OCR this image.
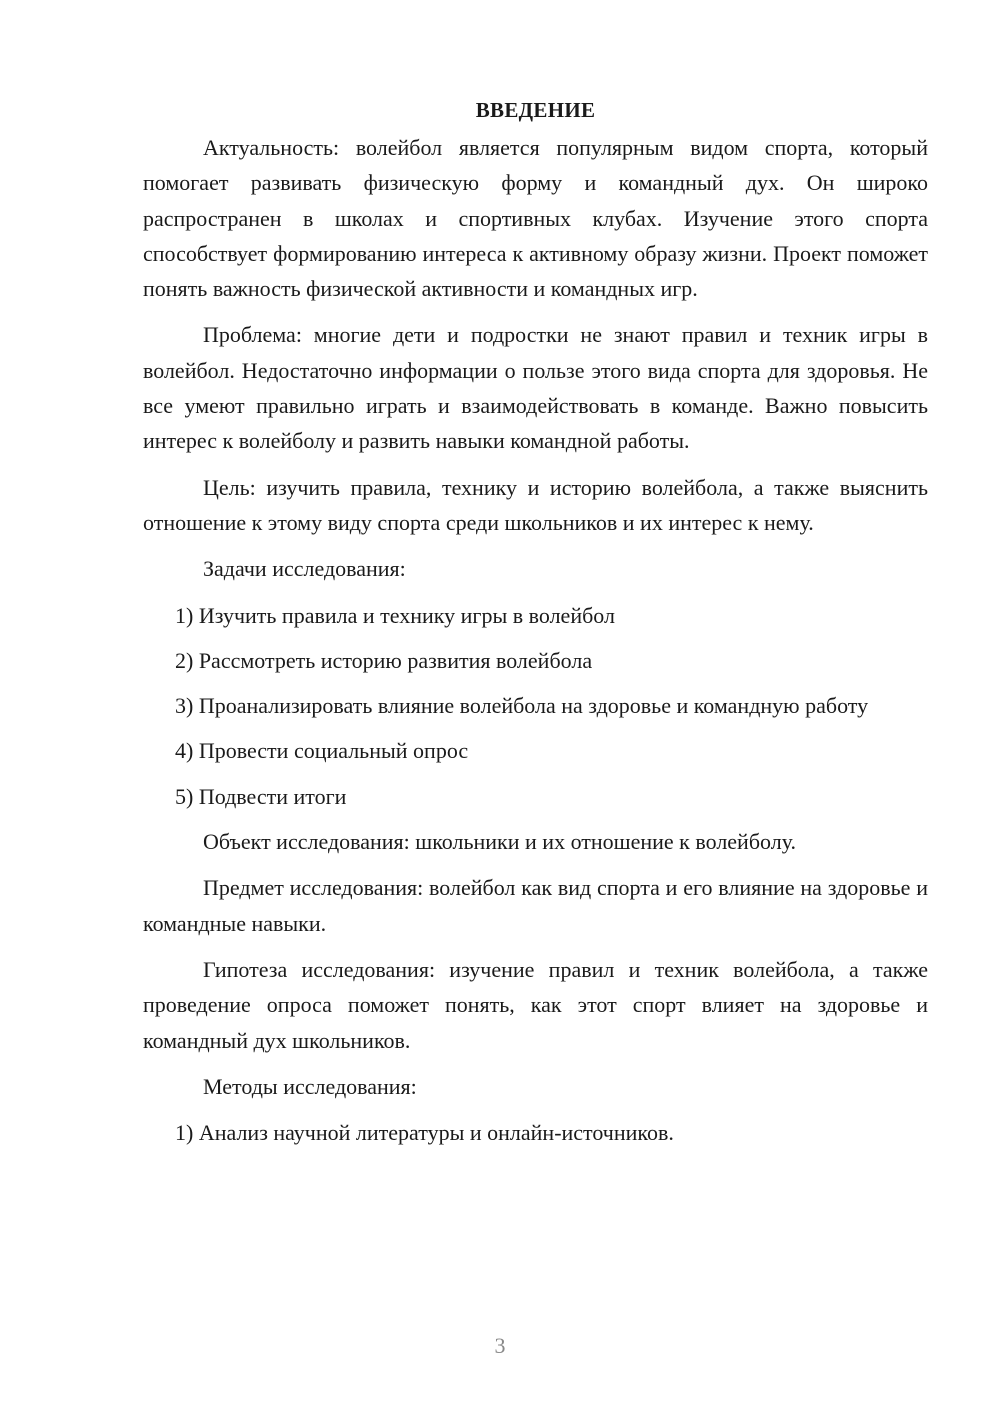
ВВЕДЕНИЕ
Актуальность: волейбол является популярным видом спорта, который помогает развивать физическую форму и командный дух. Он широко распространен в школах и спортивных клубах. Изучение этого спорта способствует формированию интереса к активному образу жизни. Проект поможет понять важность физической активности и командных игр.
Проблема: многие дети и подростки не знают правил и техник игры в волейбол. Недостаточно информации о пользе этого вида спорта для здоровья. Не все умеют правильно играть и взаимодействовать в команде. Важно повысить интерес к волейболу и развить навыки командной работы.
Цель: изучить правила, технику и историю волейбола, а также выяснить отношение к этому виду спорта среди школьников и их интерес к нему.
Задачи исследования:
1) Изучить правила и технику игры в волейбол
2) Рассмотреть историю развития волейбола
3) Проанализировать влияние волейбола на здоровье и командную работу
4) Провести социальный опрос
5) Подвести итоги
Объект исследования: школьники и их отношение к волейболу.
Предмет исследования: волейбол как вид спорта и его влияние на здоровье и командные навыки.
Гипотеза исследования: изучение правил и техник волейбола, а также проведение опроса поможет понять, как этот спорт влияет на здоровье и командный дух школьников.
Методы исследования:
1) Анализ научной литературы и онлайн-источников.
3
